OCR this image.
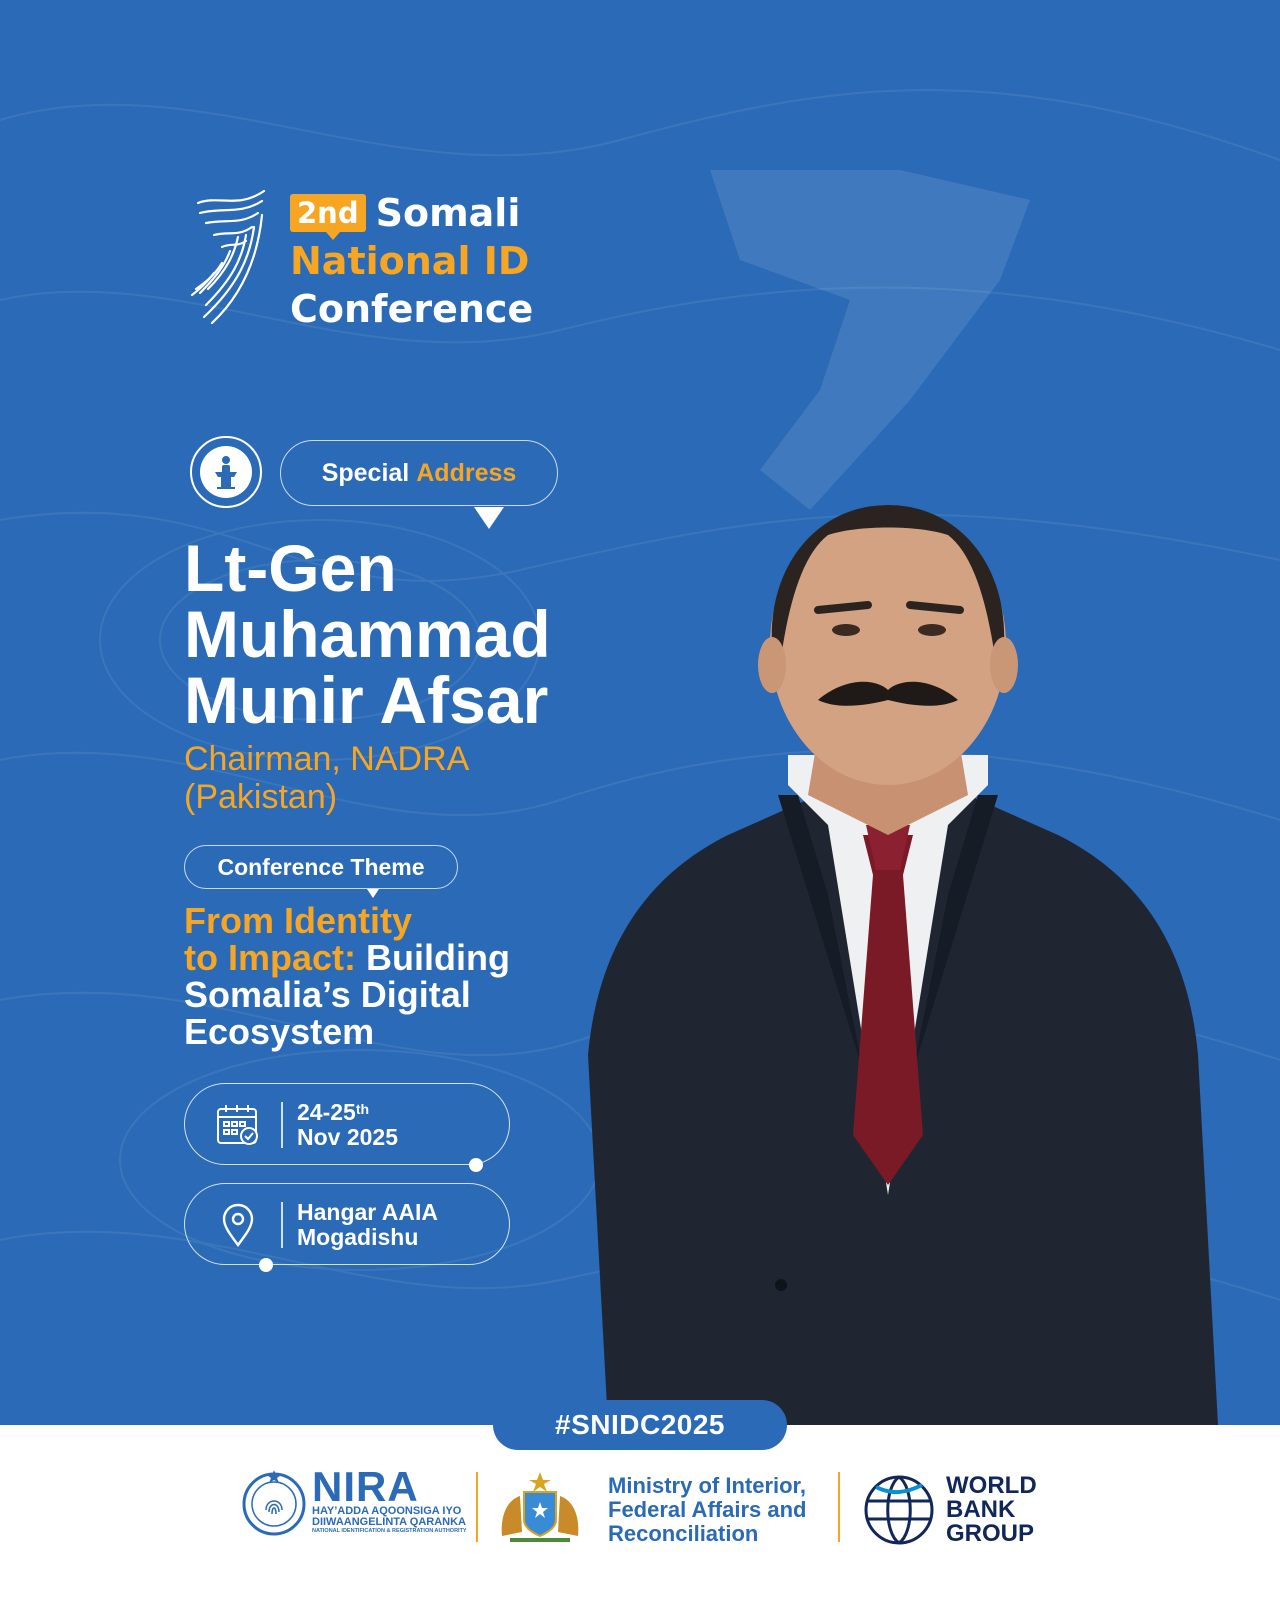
2nd Somali
National ID
Conference
Special Address
Lt-Gen
Muhammad
Munir Afsar
Chairman, NADRA
(Pakistan)
Conference Theme
From Identity
to Impact: Building
Somalia’s Digital
Ecosystem
24-25th
Nov 2025
Hangar AAIA
Mogadishu
#SNIDC2025
NIRA
HAY’ADDA AQOONSIGA IYO
DIIWAANGELINTA QARANKA
NATIONAL IDENTIFICATION & REGISTRATION AUTHORITY
Ministry of Interior,
Federal Affairs and
Reconciliation
WORLD
BANK
GROUP
